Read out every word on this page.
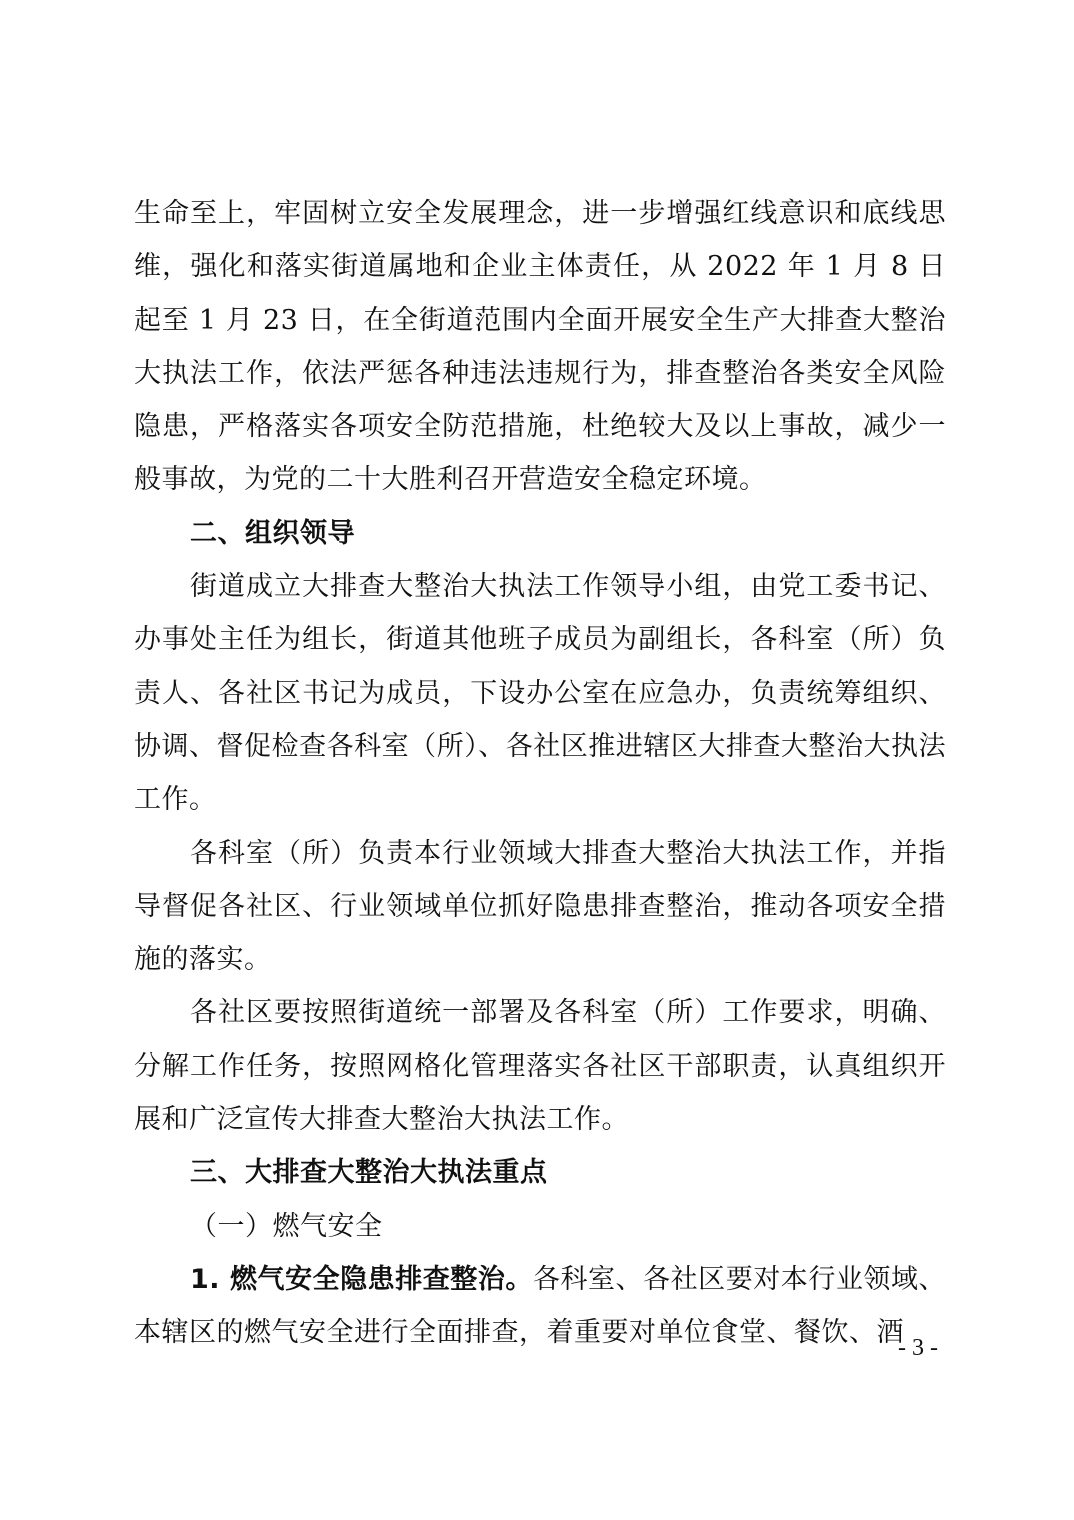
生命至上，牢固树立安全发展理念，进一步增强红线意识和底线思维，强化和落实街道属地和企业主体责任，从 2022 年 1 月 8 日起至 1 月 23 日，在全街道范围内全面开展安全生产大排查大整治大执法工作，依法严惩各种违法违规行为，排查整治各类安全风险隐患，严格落实各项安全防范措施，杜绝较大及以上事故，减少一般事故，为党的二十大胜利召开营造安全稳定环境。

二、组织领导

街道成立大排查大整治大执法工作领导小组，由党工委书记、办事处主任为组长，街道其他班子成员为副组长，各科室（所）负责人、各社区书记为成员，下设办公室在应急办，负责统筹组织、协调、督促检查各科室（所）、各社区推进辖区大排查大整治大执法工作。

各科室（所）负责本行业领域大排查大整治大执法工作，并指导督促各社区、行业领域单位抓好隐患排查整治，推动各项安全措施的落实。

各社区要按照街道统一部署及各科室（所）工作要求，明确、分解工作任务，按照网格化管理落实各社区干部职责，认真组织开展和广泛宣传大排查大整治大执法工作。

三、大排查大整治大执法重点

（一）燃气安全

1. 燃气安全隐患排查整治。各科室、各社区要对本行业领域、本辖区的燃气安全进行全面排查，着重要对单位食堂、餐饮、酒

- 3 -
